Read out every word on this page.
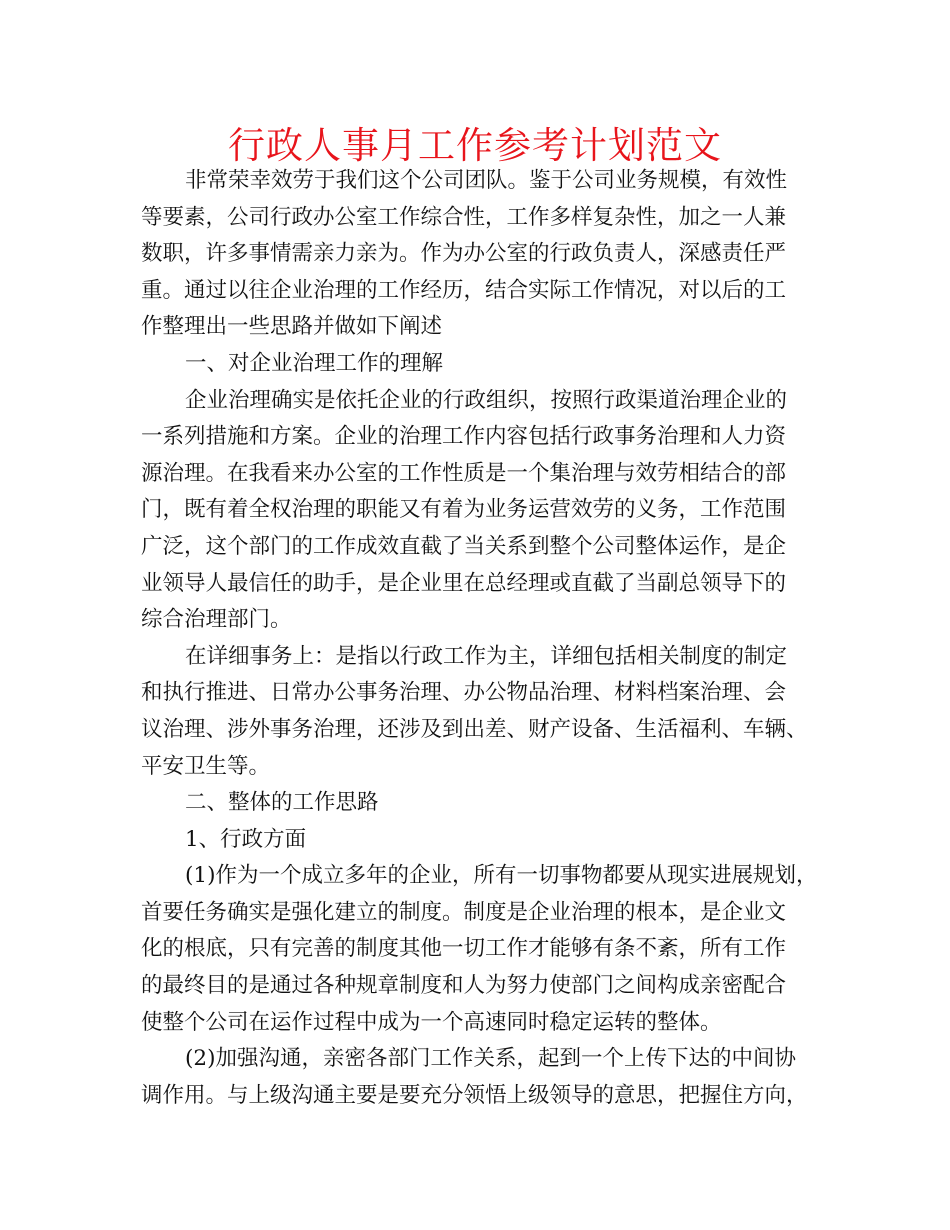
行政人事月工作参考计划范文
非常荣幸效劳于我们这个公司团队。鉴于公司业务规模，有效性
等要素，公司行政办公室工作综合性，工作多样复杂性，加之一人兼
数职，许多事情需亲力亲为。作为办公室的行政负责人，深感责任严
重。通过以往企业治理的工作经历，结合实际工作情况，对以后的工
作整理出一些思路并做如下阐述
一、对企业治理工作的理解
企业治理确实是依托企业的行政组织，按照行政渠道治理企业的
一系列措施和方案。企业的治理工作内容包括行政事务治理和人力资
源治理。在我看来办公室的工作性质是一个集治理与效劳相结合的部
门，既有着全权治理的职能又有着为业务运营效劳的义务，工作范围
广泛，这个部门的工作成效直截了当关系到整个公司整体运作，是企
业领导人最信任的助手，是企业里在总经理或直截了当副总领导下的
综合治理部门。
在详细事务上：是指以行政工作为主，详细包括相关制度的制定
和执行推进、日常办公事务治理、办公物品治理、材料档案治理、会
议治理、涉外事务治理，还涉及到出差、财产设备、生活福利、车辆、
平安卫生等。
二、整体的工作思路
1、行政方面
(1)作为一个成立多年的企业，所有一切事物都要从现实进展规划，
首要任务确实是强化建立的制度。制度是企业治理的根本，是企业文
化的根底，只有完善的制度其他一切工作才能够有条不紊，所有工作
的最终目的是通过各种规章制度和人为努力使部门之间构成亲密配合
使整个公司在运作过程中成为一个高速同时稳定运转的整体。
(2)加强沟通，亲密各部门工作关系，起到一个上传下达的中间协
调作用。与上级沟通主要是要充分领悟上级领导的意思，把握住方向，
